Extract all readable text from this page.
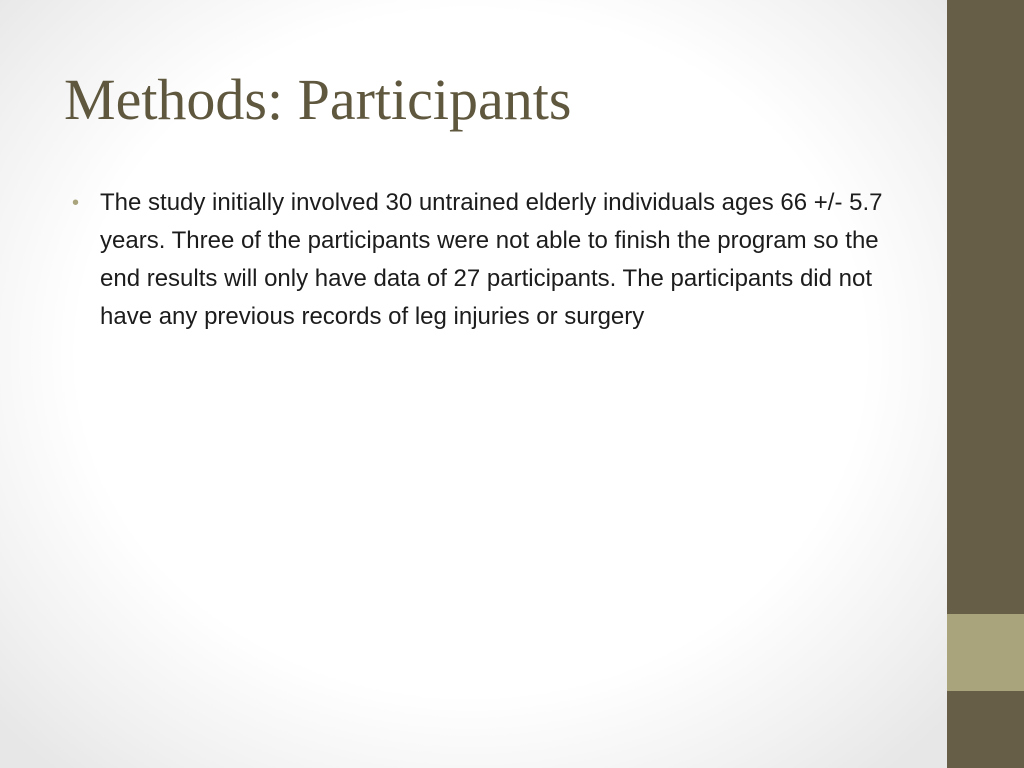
Methods: Participants
• The study initially involved 30 untrained elderly individuals ages 66 +/- 5.7 years. Three of the participants were not able to finish the program so the end results will only have data of 27 participants. The participants did not have any previous records of leg injuries or surgery
